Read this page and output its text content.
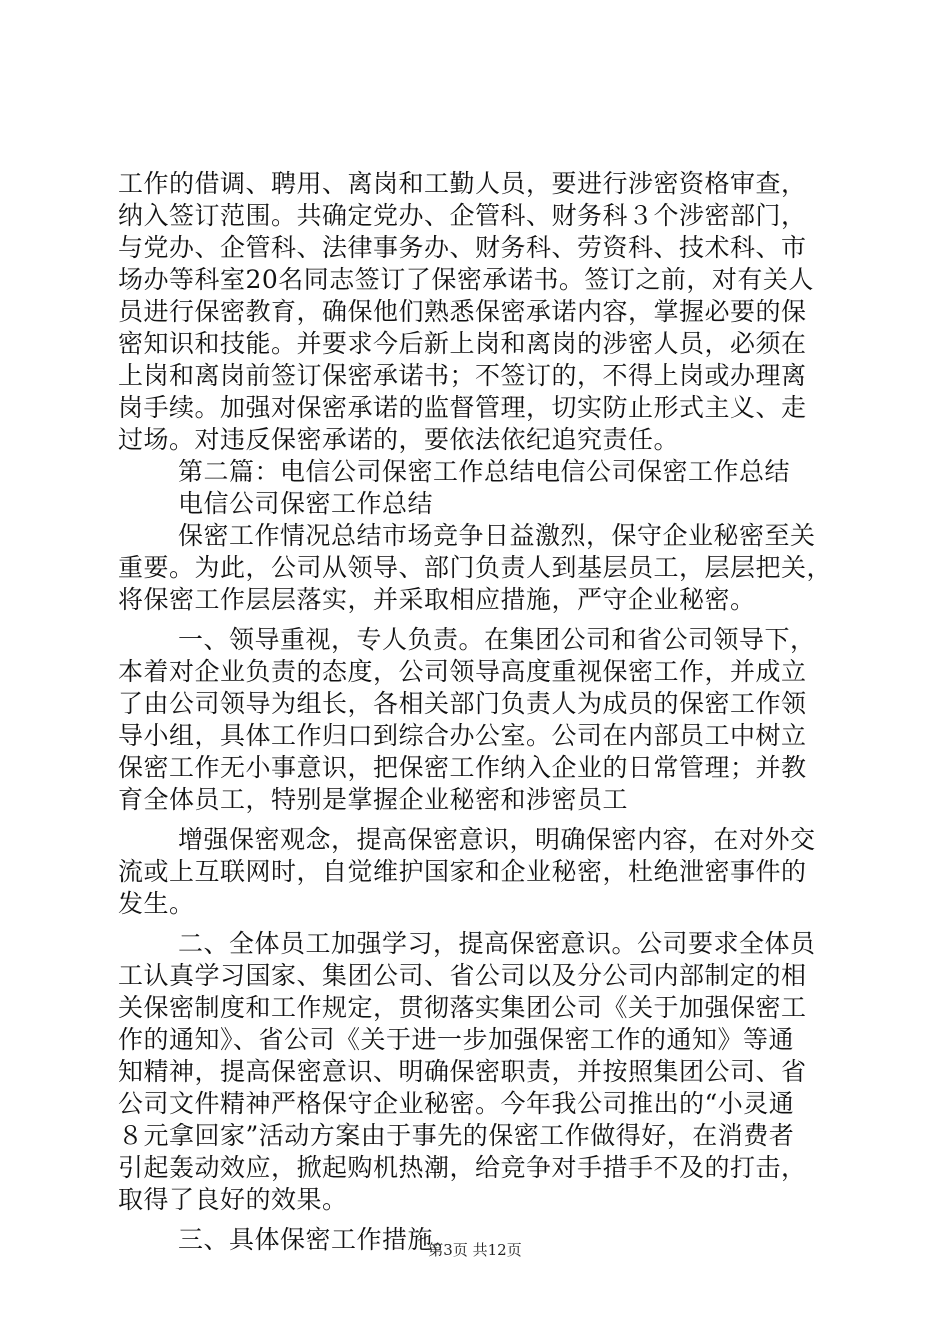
工作的借调、聘用、离岗和工勤人员，要进行涉密资格审查，
纳入签订范围。共确定党办、企管科、财务科３个涉密部门，
与党办、企管科、法律事务办、财务科、劳资科、技术科、市
场办等科室20名同志签订了保密承诺书。签订之前，对有关人
员进行保密教育，确保他们熟悉保密承诺内容，掌握必要的保
密知识和技能。并要求今后新上岗和离岗的涉密人员，必须在
上岗和离岗前签订保密承诺书；不签订的，不得上岗或办理离
岗手续。加强对保密承诺的监督管理，切实防止形式主义、走
过场。对违反保密承诺的，要依法依纪追究责任。
第二篇：电信公司保密工作总结电信公司保密工作总结
电信公司保密工作总结
保密工作情况总结市场竞争日益激烈，保守企业秘密至关
重要。为此，公司从领导、部门负责人到基层员工，层层把关，
将保密工作层层落实，并采取相应措施，严守企业秘密。
一、领导重视，专人负责。在集团公司和省公司领导下，
本着对企业负责的态度，公司领导高度重视保密工作，并成立
了由公司领导为组长，各相关部门负责人为成员的保密工作领
导小组，具体工作归口到综合办公室。公司在内部员工中树立
保密工作无小事意识，把保密工作纳入企业的日常管理；并教
育全体员工，特别是掌握企业秘密和涉密员工
增强保密观念，提高保密意识，明确保密内容，在对外交
流或上互联网时，自觉维护国家和企业秘密，杜绝泄密事件的
发生。
二、全体员工加强学习，提高保密意识。公司要求全体员
工认真学习国家、集团公司、省公司以及分公司内部制定的相
关保密制度和工作规定，贯彻落实集团公司《关于加强保密工
作的通知》、省公司《关于进一步加强保密工作的通知》等通
知精神，提高保密意识、明确保密职责，并按照集团公司、省
公司文件精神严格保守企业秘密。今年我公司推出的“小灵通
８元拿回家”活动方案由于事先的保密工作做得好，在消费者
引起轰动效应，掀起购机热潮，给竞争对手措手不及的打击，
取得了良好的效果。
三、具体保密工作措施。
第3页 共12页
